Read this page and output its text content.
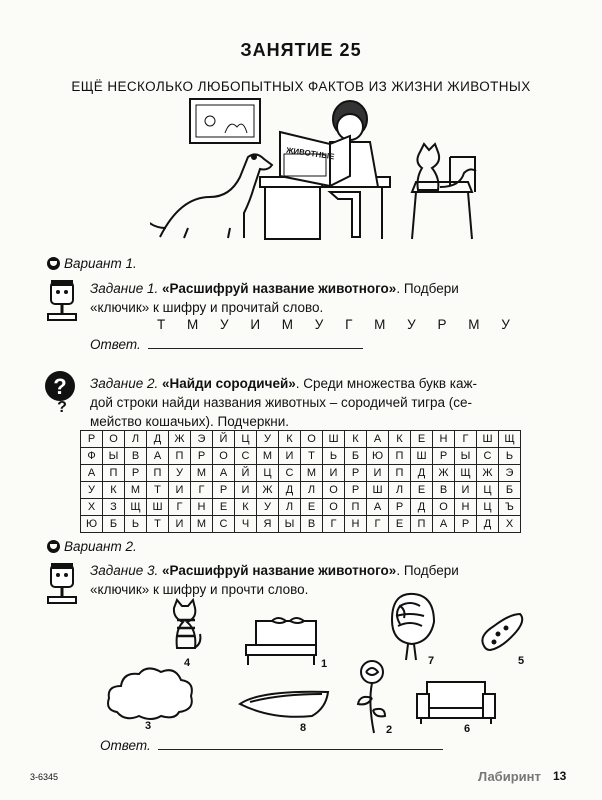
ЗАНЯТИЕ 25
ЕЩЁ НЕСКОЛЬКО ЛЮБОПЫТНЫХ ФАКТОВ ИЗ ЖИЗНИ ЖИВОТНЫХ
ЖИВОТНЫЕ
Вариант 1.
Задание 1. «Расшифруй название животного». Подбери
«ключик» к шифру и прочитай слово.
Т М У И М У Г М У Р М У
Ответ.
?
?
Задание 2. «Найди сородичей». Среди множества букв каж-
дой строки найди названия животных – сородичей тигра (се-
мейство кошачьих). Подчеркни.
Р	О	Л	Д	Ж	Э	Й	Ц	У	К	О	Ш	К	А	К	Е	Н	Г	Ш	Щ
Ф	Ы	В	А	П	Р	О	С	М	И	Т	Ь	Б	Ю	П	Ш	Р	Ы	С	Ь
А	П	Р	П	У	М	А	Й	Ц	С	М	И	Р	И	П	Д	Ж	Щ	Ж	Э
У	К	М	Т	И	Г	Р	И	Ж	Д	Л	О	Р	Ш	Л	Е	В	И	Ц	Б
Х	З	Щ	Ш	Г	Н	Е	К	У	Л	Е	О	П	А	Р	Д	О	Н	Ц	Ъ
Ю	Б	Ь	Т	И	М	С	Ч	Я	Ы	В	Г	Н	Г	Е	П	А	Р	Д	Х
Вариант 2.
Задание 3. «Расшифруй название животного». Подбери
«ключик» к шифру и прочти слово.
4	1	7	5
3	8	2	6
Ответ.
3-6345	Лабиринт 13
